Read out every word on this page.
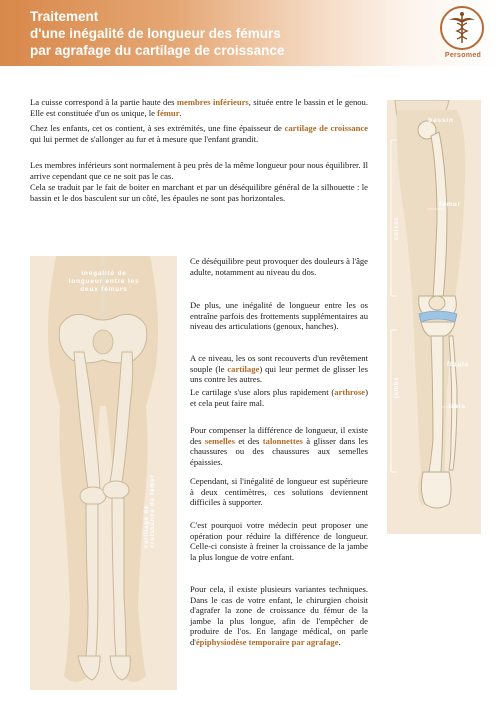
Traitement
d'une inégalité de longueur des fémurs
par agrafage du cartilage de croissance	Persomed
La cuisse correspond à la partie haute des membres inférieurs, située entre le bassin et le genou. Elle est constituée d'un os unique, le fémur.
Chez les enfants, cet os contient, à ses extrémités, une fine épaisseur de cartilage de croissance qui lui permet de s'allonger au fur et à mesure que l'enfant grandit.
Les membres inférieurs sont normalement à peu près de la même longueur pour nous équilibrer. Il arrive cependant que ce ne soit pas le cas.
Cela se traduit par le fait de boiter en marchant et par un déséquilibre général de la silhouette : le bassin et le dos basculent sur un côté, les épaules ne sont pas horizontales.
bassin
fémur
fibula
tibia
cuisse
jambe
inégalité de longueur entre les deux fémurs
cartilage de
croissance du fémur
Ce déséquilibre peut provoquer des douleurs à l'âge adulte, notamment au niveau du dos.
De plus, une inégalité de longueur entre les os entraîne parfois des frottements supplémentaires au niveau des articulations (genoux, hanches).
A ce niveau, les os sont recouverts d'un revêtement souple (le cartilage) qui leur permet de glisser les uns contre les autres.
Le cartilage s'use alors plus rapidement (arthrose) et cela peut faire mal.
Pour compenser la différence de longueur, il existe des semelles et des talonnettes à glisser dans les chaussures ou des chaussures aux semelles épaissies.
Cependant, si l'inégalité de longueur est supérieure à deux centimètres, ces solutions deviennent difficiles à supporter.
C'est pourquoi votre médecin peut proposer une opération pour réduire la différence de longueur. Celle-ci consiste à freiner la croissance de la jambe la plus longue de votre enfant.
Pour cela, il existe plusieurs variantes techniques. Dans le cas de votre enfant, le chirurgien choisit d'agrafer la zone de croissance du fémur de la jambe la plus longue, afin de l'empêcher de produire de l'os. En langage médical, on parle d'épiphysiodèse temporaire par agrafage.
